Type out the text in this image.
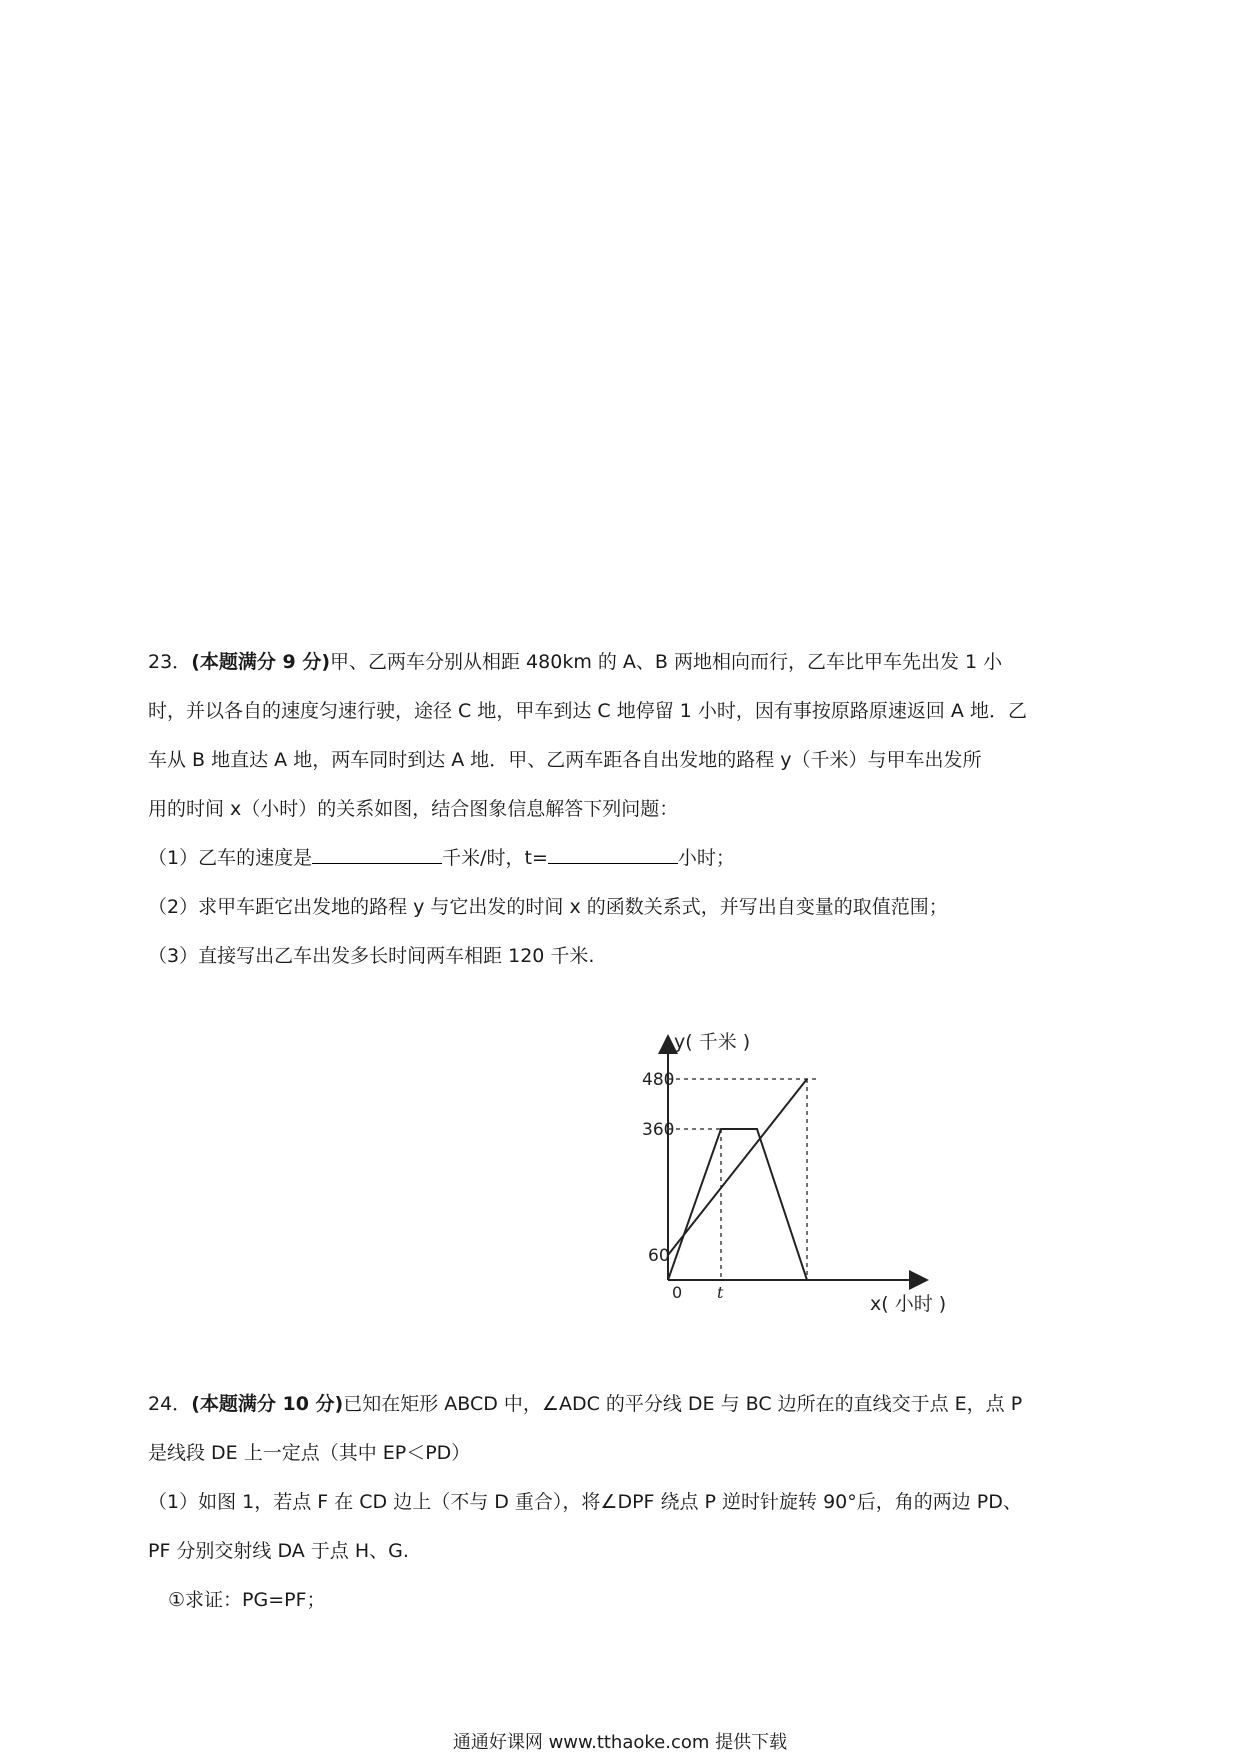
23．(本题满分 9 分)甲、乙两车分别从相距 480km 的 A、B 两地相向而行，乙车比甲车先出发 1 小
时，并以各自的速度匀速行驶，途径 C 地，甲车到达 C 地停留 1 小时，因有事按原路原速返回 A 地．乙
车从 B 地直达 A 地，两车同时到达 A 地．甲、乙两车距各自出发地的路程 y（千米）与甲车出发所
用的时间 x（小时）的关系如图，结合图象信息解答下列问题：
（1）乙车的速度是	千米/时，t=	小时；
（2）求甲车距它出发地的路程 y 与它出发的时间 x 的函数关系式，并写出自变量的取值范围；
（3）直接写出乙车出发多长时间两车相距 120 千米.
y( 千米 )
x( 小时 )
480
360
60
0 t
24．(本题满分 10 分)已知在矩形 ABCD 中，∠ADC 的平分线 DE 与 BC 边所在的直线交于点 E，点 P
是线段 DE 上一定点（其中 EP＜PD）
（1）如图 1，若点 F 在 CD 边上（不与 D 重合），将∠DPF 绕点 P 逆时针旋转 90°后，角的两边 PD、
PF 分别交射线 DA 于点 H、G.
①求证：PG=PF；
通通好课网 www.tthaoke.com 提供下载
